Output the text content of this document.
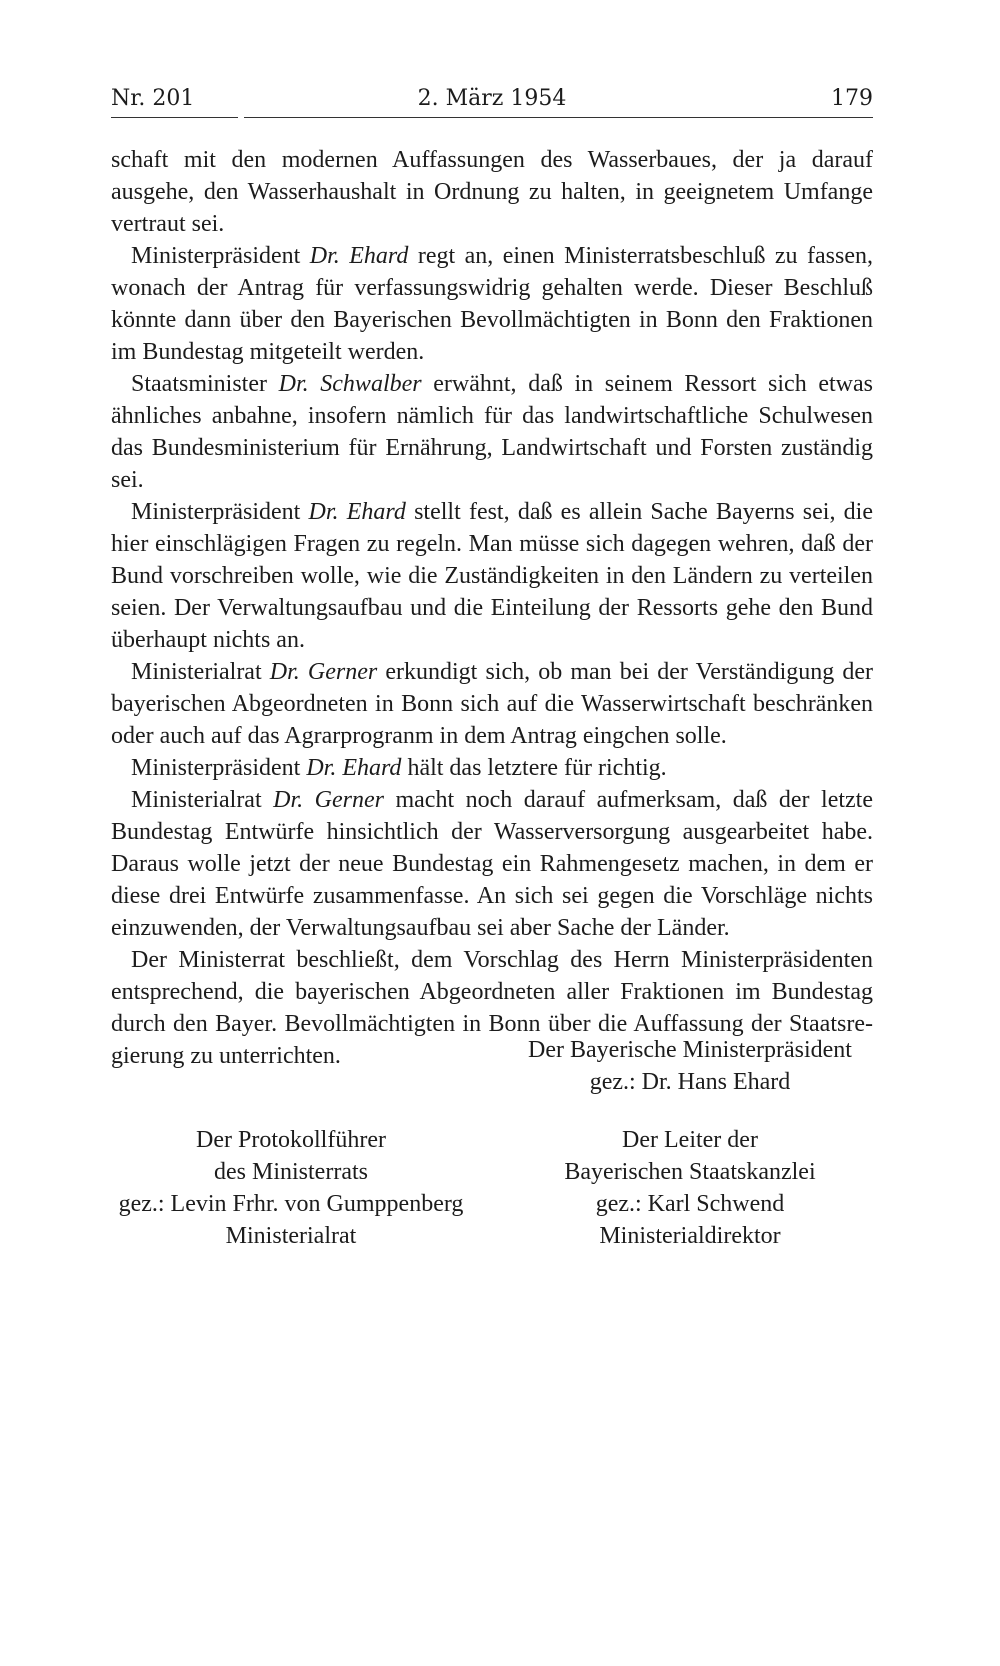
Nr. 201	2. März 1954	179

schaft mit den modernen Auffassungen des Wasserbaues, der ja darauf ausgehe, den Wasserhaushalt in Ordnung zu halten, in geeignetem Umfange vertraut sei.

Ministerpräsident Dr. Ehard regt an, einen Ministerratsbeschluß zu fassen, wonach der Antrag für verfassungswidrig gehalten werde. Dieser Beschluß könnte dann über den Bayerischen Bevollmächtigten in Bonn den Fraktionen im Bundestag mitgeteilt werden.

Staatsminister Dr. Schwalber erwähnt, daß in seinem Ressort sich etwas ähnliches anbahne, insofern nämlich für das landwirtschaftliche Schulwesen das Bundesministerium für Ernährung, Landwirtschaft und Forsten zuständig sei.

Ministerpräsident Dr. Ehard stellt fest, daß es allein Sache Bayerns sei, die hier einschlägigen Fragen zu regeln. Man müsse sich dagegen wehren, daß der Bund vorschreiben wolle, wie die Zuständigkeiten in den Ländern zu verteilen seien. Der Verwaltungsaufbau und die Einteilung der Ressorts gehe den Bund überhaupt nichts an.

Ministerialrat Dr. Gerner erkundigt sich, ob man bei der Verständigung der bayerischen Abgeordneten in Bonn sich auf die Wasserwirtschaft beschränken oder auch auf das Agrarprogranm in dem Antrag eingchen solle.

Ministerpräsident Dr. Ehard hält das letztere für richtig.

Ministerialrat Dr. Gerner macht noch darauf aufmerksam, daß der letzte Bundestag Entwürfe hinsichtlich der Wasserversorgung ausgearbeitet habe. Daraus wolle jetzt der neue Bundestag ein Rahmengesetz machen, in dem er diese drei Entwürfe zusammenfasse. An sich sei gegen die Vorschläge nichts einzuwenden, der Verwaltungsaufbau sei aber Sache der Länder.

Der Ministerrat beschließt, dem Vorschlag des Herrn Ministerpräsidenten entsprechend, die bayerischen Abgeordneten aller Fraktionen im Bundestag durch den Bayer. Bevollmächtigten in Bonn über die Auffassung der Staatsregierung zu unterrichten.	Der Bayerische Ministerpräsident
gez.: Dr. Hans Ehard
Der Protokollführer
des Ministerrats
gez.: Levin Frhr. von Gumppenberg
Ministerialrat
Der Leiter der
Bayerischen Staatskanzlei
gez.: Karl Schwend
Ministerialdirektor
